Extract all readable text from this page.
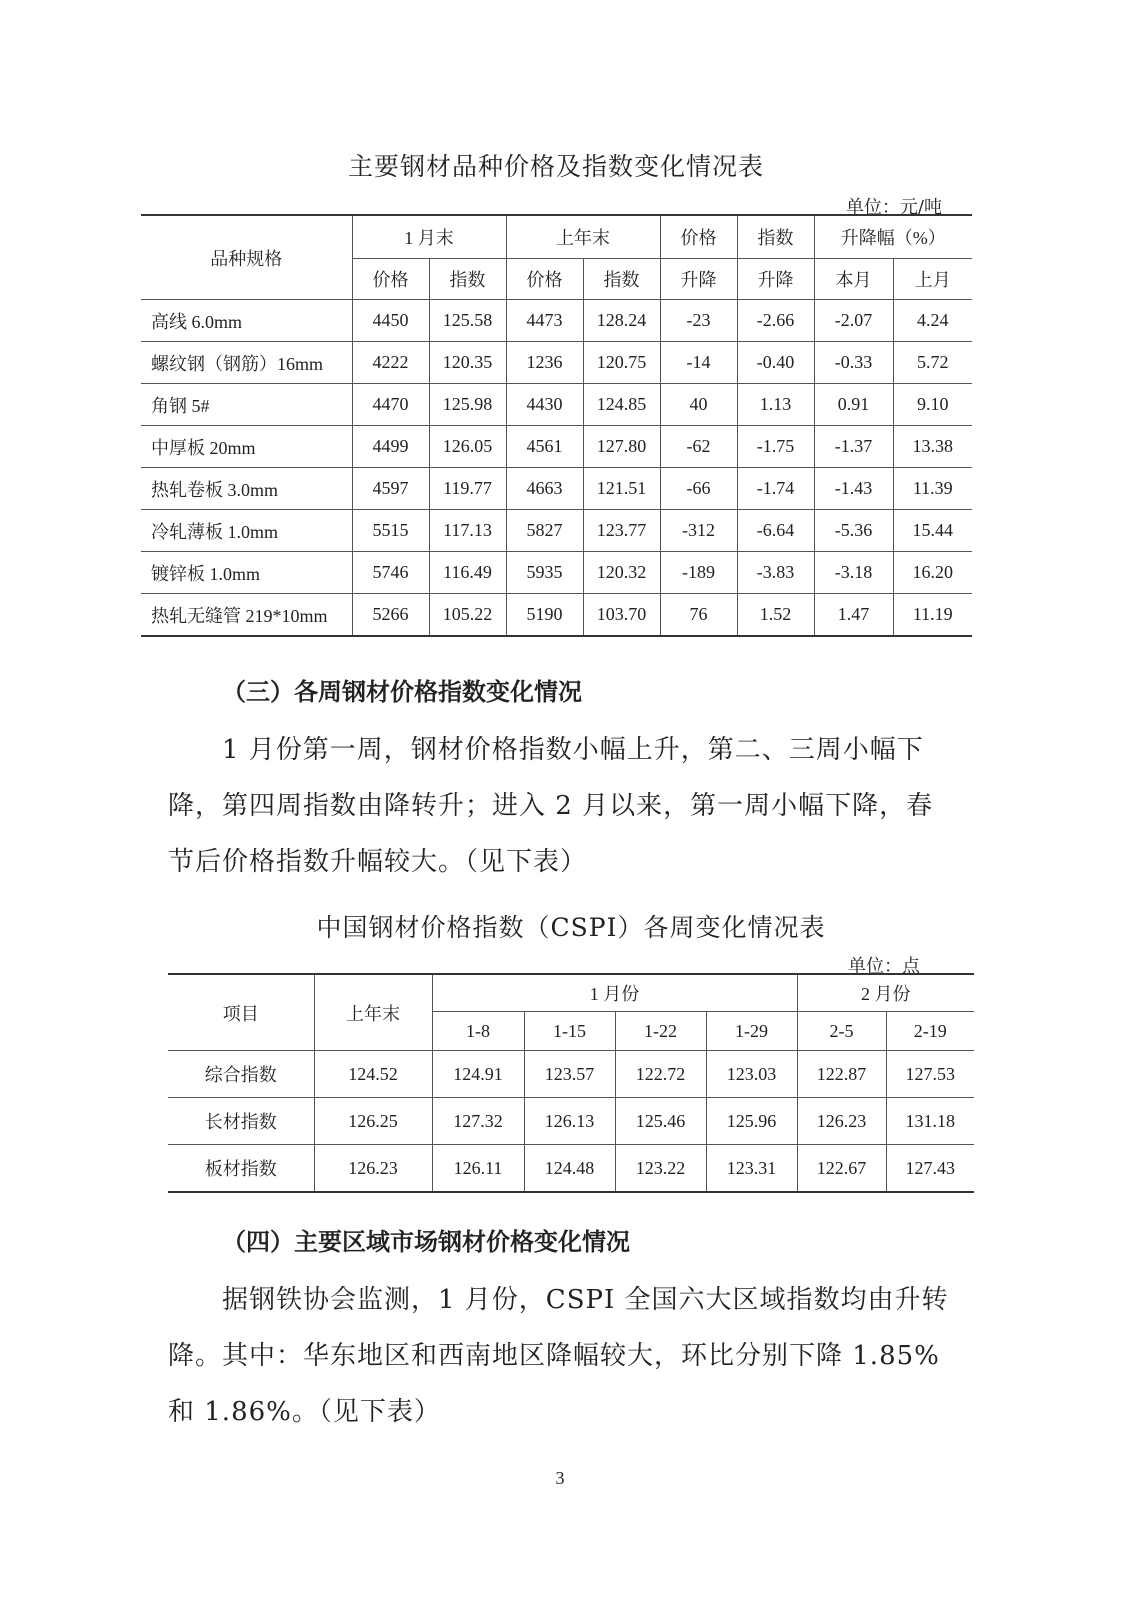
主要钢材品种价格及指数变化情况表
单位：元/吨
品种规格	1 月末		上年末		价格	指数	升降幅（%）	
	价格	指数	价格	指数	升降	升降	本月	上月
高线 6.0mm	4450	125.58	4473	128.24	-23	-2.66	-2.07	4.24
螺纹钢（钢筋）16mm	4222	120.35	1236	120.75	-14	-0.40	-0.33	5.72
角钢 5#	4470	125.98	4430	124.85	40	1.13	0.91	9.10
中厚板 20mm	4499	126.05	4561	127.80	-62	-1.75	-1.37	13.38
热轧卷板 3.0mm	4597	119.77	4663	121.51	-66	-1.74	-1.43	11.39
冷轧薄板 1.0mm	5515	117.13	5827	123.77	-312	-6.64	-5.36	15.44
镀锌板 1.0mm	5746	116.49	5935	120.32	-189	-3.83	-3.18	16.20
热轧无缝管 219*10mm	5266	105.22	5190	103.70	76	1.52	1.47	11.19
（三）各周钢材价格指数变化情况
1 月份第一周，钢材价格指数小幅上升，第二、三周小幅下降，第四周指数由降转升；进入 2 月以来，第一周小幅下降，春节后价格指数升幅较大。（见下表）
中国钢材价格指数（CSPI）各周变化情况表
单位：点
项目	上年末	1 月份				2 月份	
		1-8	1-15	1-22	1-29	2-5	2-19
综合指数	124.52	124.91	123.57	122.72	123.03	122.87	127.53
长材指数	126.25	127.32	126.13	125.46	125.96	126.23	131.18
板材指数	126.23	126.11	124.48	123.22	123.31	122.67	127.43
（四）主要区域市场钢材价格变化情况
据钢铁协会监测，1 月份，CSPI 全国六大区域指数均由升转降。其中：华东地区和西南地区降幅较大，环比分别下降 1.85%和 1.86%。（见下表）
3
